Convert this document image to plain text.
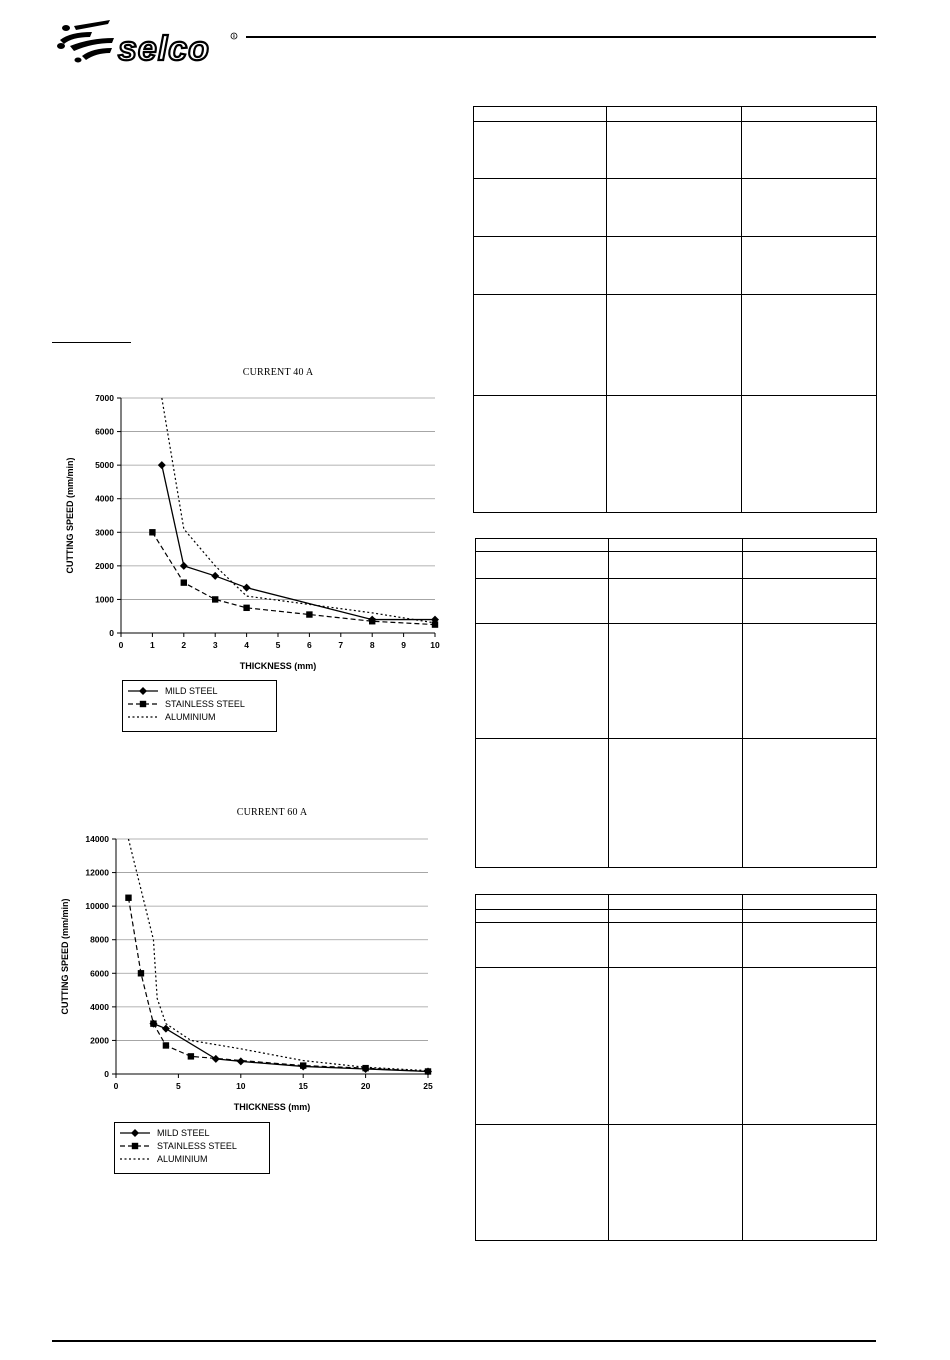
selco	R
CURRENT 40 A
0
1000
2000
3000
4000
5000
6000
7000
0	1	2	3	4	5	6	7	8	9	10
THICKNESS (mm)
CUTTING SPEED (mm/min)
MILD STEEL
STAINLESS STEEL
ALUMINIUM
CURRENT 60 A
0
2000
4000
6000
8000
10000
12000
14000
0	5	10	15	20	25
THICKNESS (mm)
CUTTING SPEED (mm/min)
MILD STEEL
STAINLESS STEEL
ALUMINIUM
